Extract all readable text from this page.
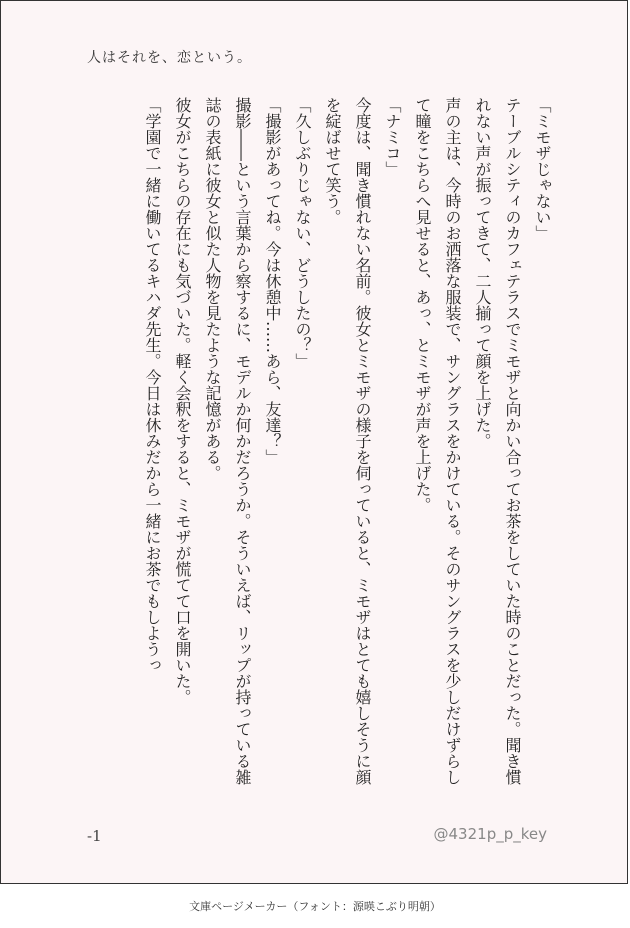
人はそれを、恋という。

「ミモザじゃない」

テーブルシティのカフェテラスでミモザと向かい合ってお茶をしていた時のことだった。聞き慣れない声が振ってきて、二人揃って顔を上げた。

声の主は、今時のお洒落な服装で、サングラスをかけている。そのサングラスを少しだけずらして瞳をこちらへ見せると、あっ、とミモザが声を上げた。

「ナミコ」

今度は、聞き慣れない名前。彼女とミモザの様子を伺っていると、ミモザはとても嬉しそうに顔を綻ばせて笑う。

「久しぶりじゃない、どうしたの？」

「撮影があってね。今は休憩中……あら、友達？」

撮影――という言葉から察するに、モデルか何かだろうか。そういえば、リップが持っている雑誌の表紙に彼女と似た人物を見たような記憶がある。

彼女がこちらの存在にも気づいた。軽く会釈をすると、ミモザが慌てて口を開いた。

「学園で一緒に働いてるキハダ先生。今日は休みだから一緒にお茶でもしようっ

-1	@4321p_p_key
文庫ページメーカー（フォント：源暎こぶり明朝）
